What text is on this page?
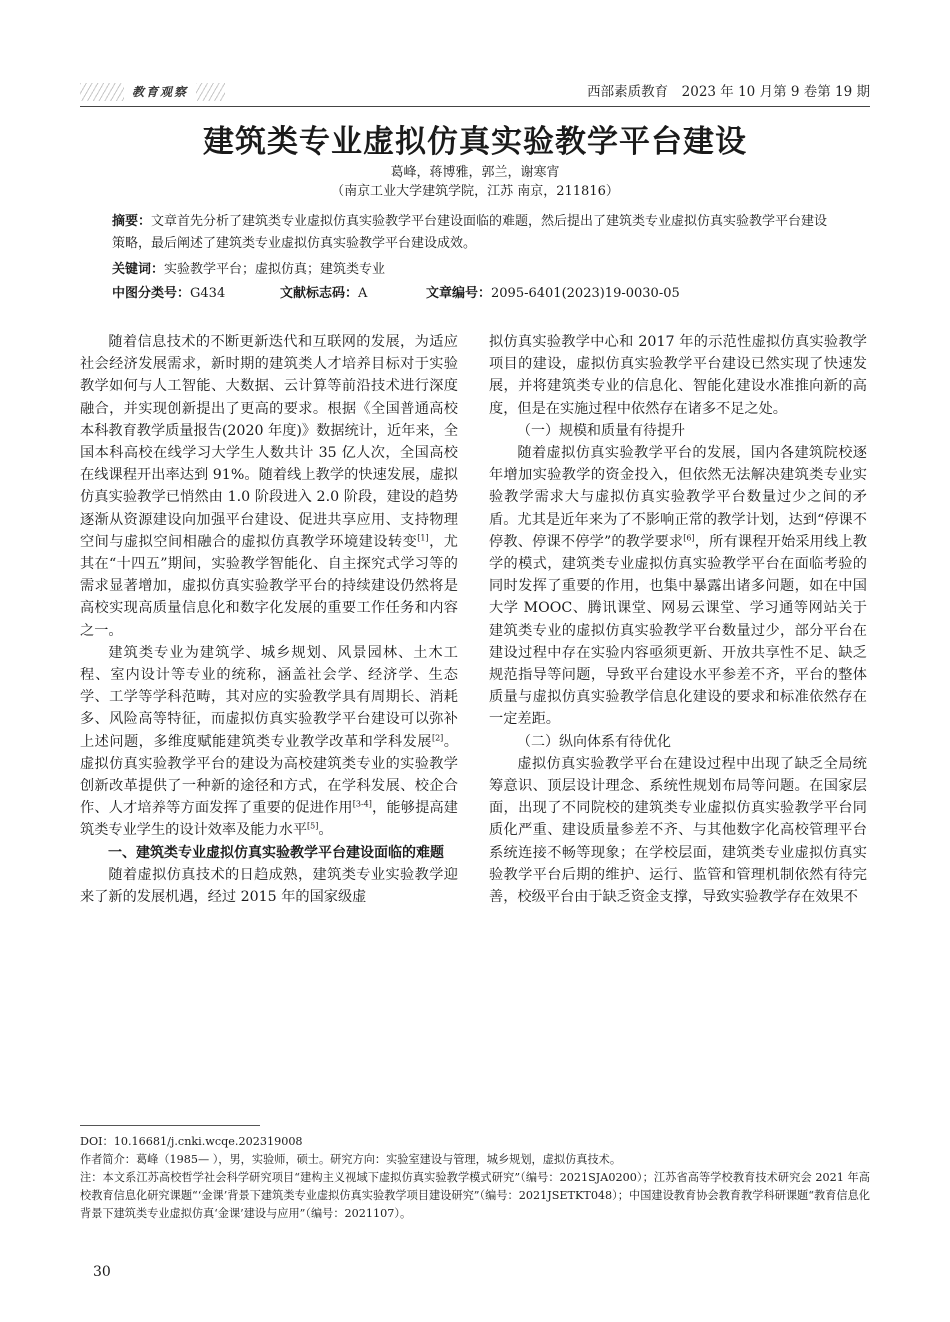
教育观察	西部素质教育　2023 年 10 月第 9 卷第 19 期
建筑类专业虚拟仿真实验教学平台建设
葛峰，蒋博雅，郭兰，谢寒宵
（南京工业大学建筑学院，江苏 南京，211816）
摘要：文章首先分析了建筑类专业虚拟仿真实验教学平台建设面临的难题，然后提出了建筑类专业虚拟仿真实验教学平台建设策略，最后阐述了建筑类专业虚拟仿真实验教学平台建设成效。
关键词：实验教学平台；虚拟仿真；建筑类专业
中图分类号：G434	文献标志码：A	文章编号：2095-6401(2023)19-0030-05

随着信息技术的不断更新迭代和互联网的发展，为适应社会经济发展需求，新时期的建筑类人才培养目标对于实验教学如何与人工智能、大数据、云计算等前沿技术进行深度融合，并实现创新提出了更高的要求。根据《全国普通高校本科教育教学质量报告(2020 年度)》数据统计，近年来，全国本科高校在线学习大学生人数共计 35 亿人次，全国高校在线课程开出率达到 91%。随着线上教学的快速发展，虚拟仿真实验教学已悄然由 1.0 阶段进入 2.0 阶段，建设的趋势逐渐从资源建设向加强平台建设、促进共享应用、支持物理空间与虚拟空间相融合的虚拟仿真教学环境建设转变[1]，尤其在“十四五”期间，实验教学智能化、自主探究式学习等的需求显著增加，虚拟仿真实验教学平台的持续建设仍然将是高校实现高质量信息化和数字化发展的重要工作任务和内容之一。

建筑类专业为建筑学、城乡规划、风景园林、土木工程、室内设计等专业的统称，涵盖社会学、经济学、生态学、工学等学科范畴，其对应的实验教学具有周期长、消耗多、风险高等特征，而虚拟仿真实验教学平台建设可以弥补上述问题，多维度赋能建筑类专业教学改革和学科发展[2]。虚拟仿真实验教学平台的建设为高校建筑类专业的实验教学创新改革提供了一种新的途径和方式，在学科发展、校企合作、人才培养等方面发挥了重要的促进作用[3-4]，能够提高建筑类专业学生的设计效率及能力水平[5]。

一、建筑类专业虚拟仿真实验教学平台建设面临的难题

随着虚拟仿真技术的日趋成熟，建筑类专业实验教学迎来了新的发展机遇，经过 2015 年的国家级虚

拟仿真实验教学中心和 2017 年的示范性虚拟仿真实验教学项目的建设，虚拟仿真实验教学平台建设已然实现了快速发展，并将建筑类专业的信息化、智能化建设水准推向新的高度，但是在实施过程中依然存在诸多不足之处。

（一）规模和质量有待提升

随着虚拟仿真实验教学平台的发展，国内各建筑院校逐年增加实验教学的资金投入，但依然无法解决建筑类专业实验教学需求大与虚拟仿真实验教学平台数量过少之间的矛盾。尤其是近年来为了不影响正常的教学计划，达到“停课不停教、停课不停学”的教学要求[6]，所有课程开始采用线上教学的模式，建筑类专业虚拟仿真实验教学平台在面临考验的同时发挥了重要的作用，也集中暴露出诸多问题，如在中国大学 MOOC、腾讯课堂、网易云课堂、学习通等网站关于建筑类专业的虚拟仿真实验教学平台数量过少，部分平台在建设过程中存在实验内容亟须更新、开放共享性不足、缺乏规范指导等问题，导致平台建设水平参差不齐，平台的整体质量与虚拟仿真实验教学信息化建设的要求和标准依然存在一定差距。

（二）纵向体系有待优化

虚拟仿真实验教学平台在建设过程中出现了缺乏全局统筹意识、顶层设计理念、系统性规划布局等问题。在国家层面，出现了不同院校的建筑类专业虚拟仿真实验教学平台同质化严重、建设质量参差不齐、与其他数字化高校管理平台系统连接不畅等现象；在学校层面，建筑类专业虚拟仿真实验教学平台后期的维护、运行、监管和管理机制依然有待完善，校级平台由于缺乏资金支撑，导致实验教学存在效果不

DOI：10.16681/j.cnki.wcqe.202319008

作者简介：葛峰（1985— ），男，实验师，硕士。研究方向：实验室建设与管理，城乡规划，虚拟仿真技术。

注：本文系江苏高校哲学社会科学研究项目“建构主义视域下虚拟仿真实验教学模式研究”（编号：2021SJA0200）；江苏省高等学校教育技术研究会 2021 年高校教育信息化研究课题“‘金课’背景下建筑类专业虚拟仿真实验教学项目建设研究”（编号：2021JSETKT048）；中国建设教育协会教育教学科研课题“教育信息化背景下建筑类专业虚拟仿真‘金课’建设与应用”（编号：2021107）。

30
